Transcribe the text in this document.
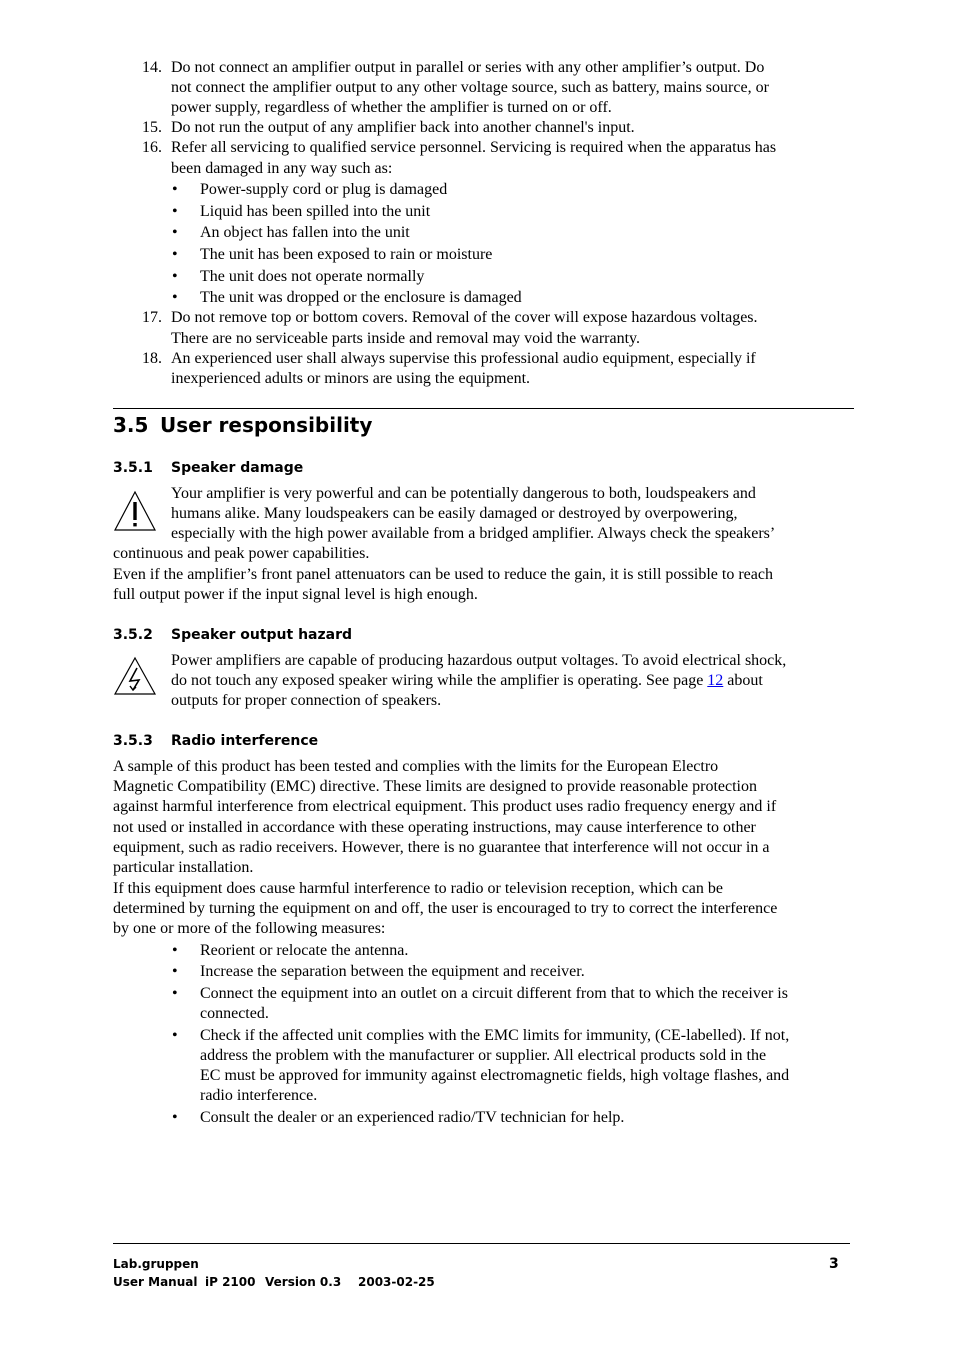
14. Do not connect an amplifier output in parallel or series with any other amplifier’s output. Do
not connect the amplifier output to any other voltage source, such as battery, mains source, or
power supply, regardless of whether the amplifier is turned on or off.
15. Do not run the output of any amplifier back into another channel's input.
16. Refer all servicing to qualified service personnel. Servicing is required when the apparatus has
been damaged in any way such as:
• Power-supply cord or plug is damaged
• Liquid has been spilled into the unit
• An object has fallen into the unit
• The unit has been exposed to rain or moisture
• The unit does not operate normally
• The unit was dropped or the enclosure is damaged
17. Do not remove top or bottom covers. Removal of the cover will expose hazardous voltages.
There are no serviceable parts inside and removal may void the warranty.
18. An experienced user shall always supervise this professional audio equipment, especially if
inexperienced adults or minors are using the equipment.
3.5 User responsibility
3.5.1 Speaker damage
Your amplifier is very powerful and can be potentially dangerous to both, loudspeakers and
humans alike. Many loudspeakers can be easily damaged or destroyed by overpowering,
especially with the high power available from a bridged amplifier. Always check the speakers’
continuous and peak power capabilities.
Even if the amplifier’s front panel attenuators can be used to reduce the gain, it is still possible to reach
full output power if the input signal level is high enough.
3.5.2 Speaker output hazard
Power amplifiers are capable of producing hazardous output voltages. To avoid electrical shock,
do not touch any exposed speaker wiring while the amplifier is operating. See page 12 about
outputs for proper connection of speakers.
3.5.3 Radio interference
A sample of this product has been tested and complies with the limits for the European Electro
Magnetic Compatibility (EMC) directive. These limits are designed to provide reasonable protection
against harmful interference from electrical equipment. This product uses radio frequency energy and if
not used or installed in accordance with these operating instructions, may cause interference to other
equipment, such as radio receivers. However, there is no guarantee that interference will not occur in a
particular installation.
If this equipment does cause harmful interference to radio or television reception, which can be
determined by turning the equipment on and off, the user is encouraged to try to correct the interference
by one or more of the following measures:
• Reorient or relocate the antenna.
• Increase the separation between the equipment and receiver.
• Connect the equipment into an outlet on a circuit different from that to which the receiver is
connected.
• Check if the affected unit complies with the EMC limits for immunity, (CE-labelled). If not,
address the problem with the manufacturer or supplier. All electrical products sold in the
EC must be approved for immunity against electromagnetic fields, high voltage flashes, and
radio interference.
• Consult the dealer or an experienced radio/TV technician for help.
Lab.gruppen
User Manual iP 2100 Version 0.3 2003-02-25
3
